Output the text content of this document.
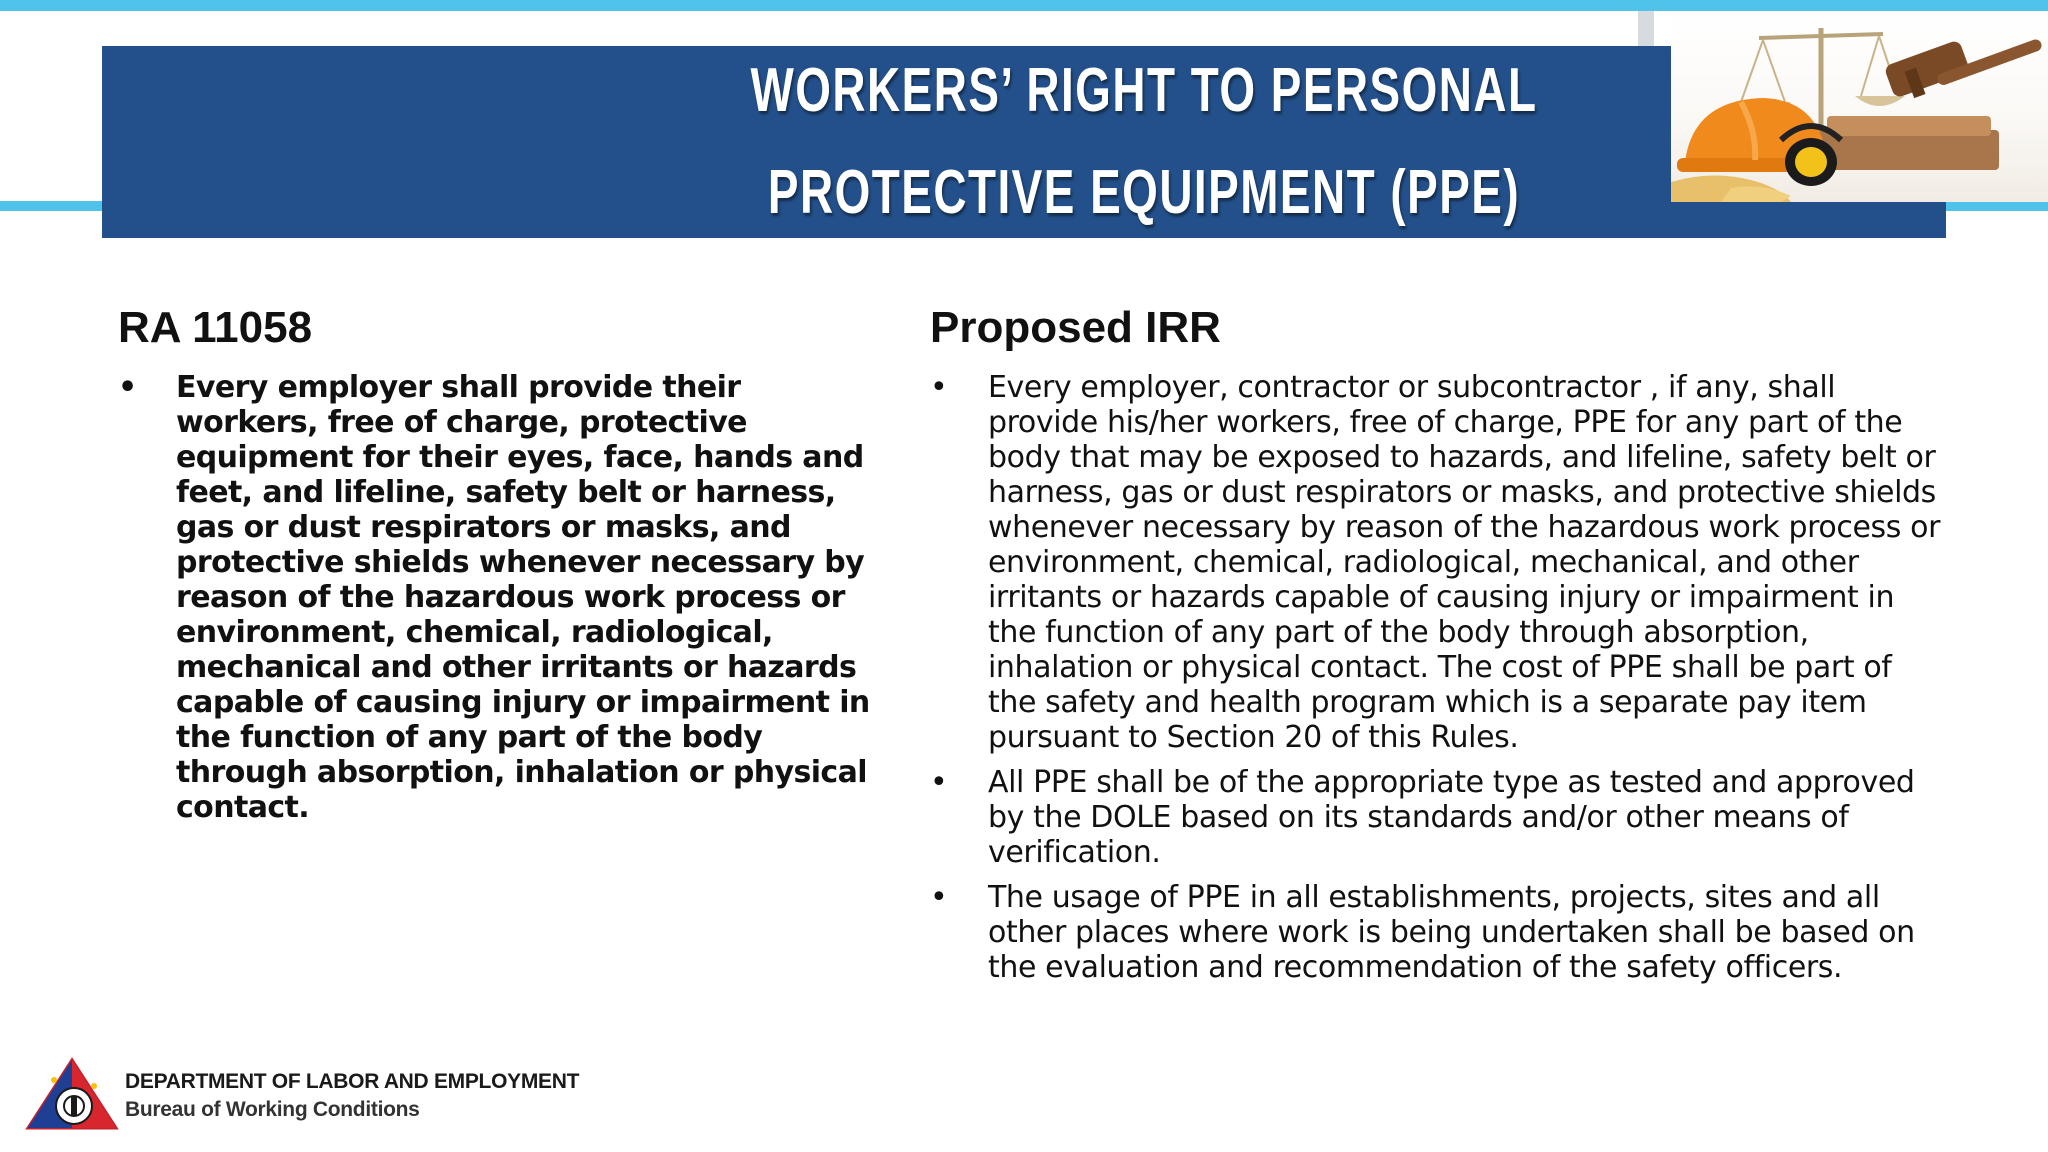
WORKERS’ RIGHT TO PERSONAL
PROTECTIVE EQUIPMENT (PPE)
RA 11058
• Every employer shall provide their workers, free of charge, protective equipment for their eyes, face, hands and feet, and lifeline, safety belt or harness, gas or dust respirators or masks, and protective shields whenever necessary by reason of the hazardous work process or environment, chemical, radiological, mechanical and other irritants or hazards capable of causing injury or impairment in the function of any part of the body through absorption, inhalation or physical contact.
Proposed IRR
• Every employer, contractor or subcontractor , if any, shall provide his/her workers, free of charge, PPE for any part of the body that may be exposed to hazards, and lifeline, safety belt or harness, gas or dust respirators or masks, and protective shields whenever necessary by reason of the hazardous work process or environment, chemical, radiological, mechanical, and other irritants or hazards capable of causing injury or impairment in the function of any part of the body through absorption, inhalation or physical contact. The cost of PPE shall be part of the safety and health program which is a separate pay item pursuant to Section 20 of this Rules.
• All PPE shall be of the appropriate type as tested and approved by the DOLE based on its standards and/or other means of verification.
• The usage of PPE in all establishments, projects, sites and all other places where work is being undertaken shall be based on the evaluation and recommendation of the safety officers.
DEPARTMENT OF LABOR AND EMPLOYMENT
Bureau of Working Conditions
